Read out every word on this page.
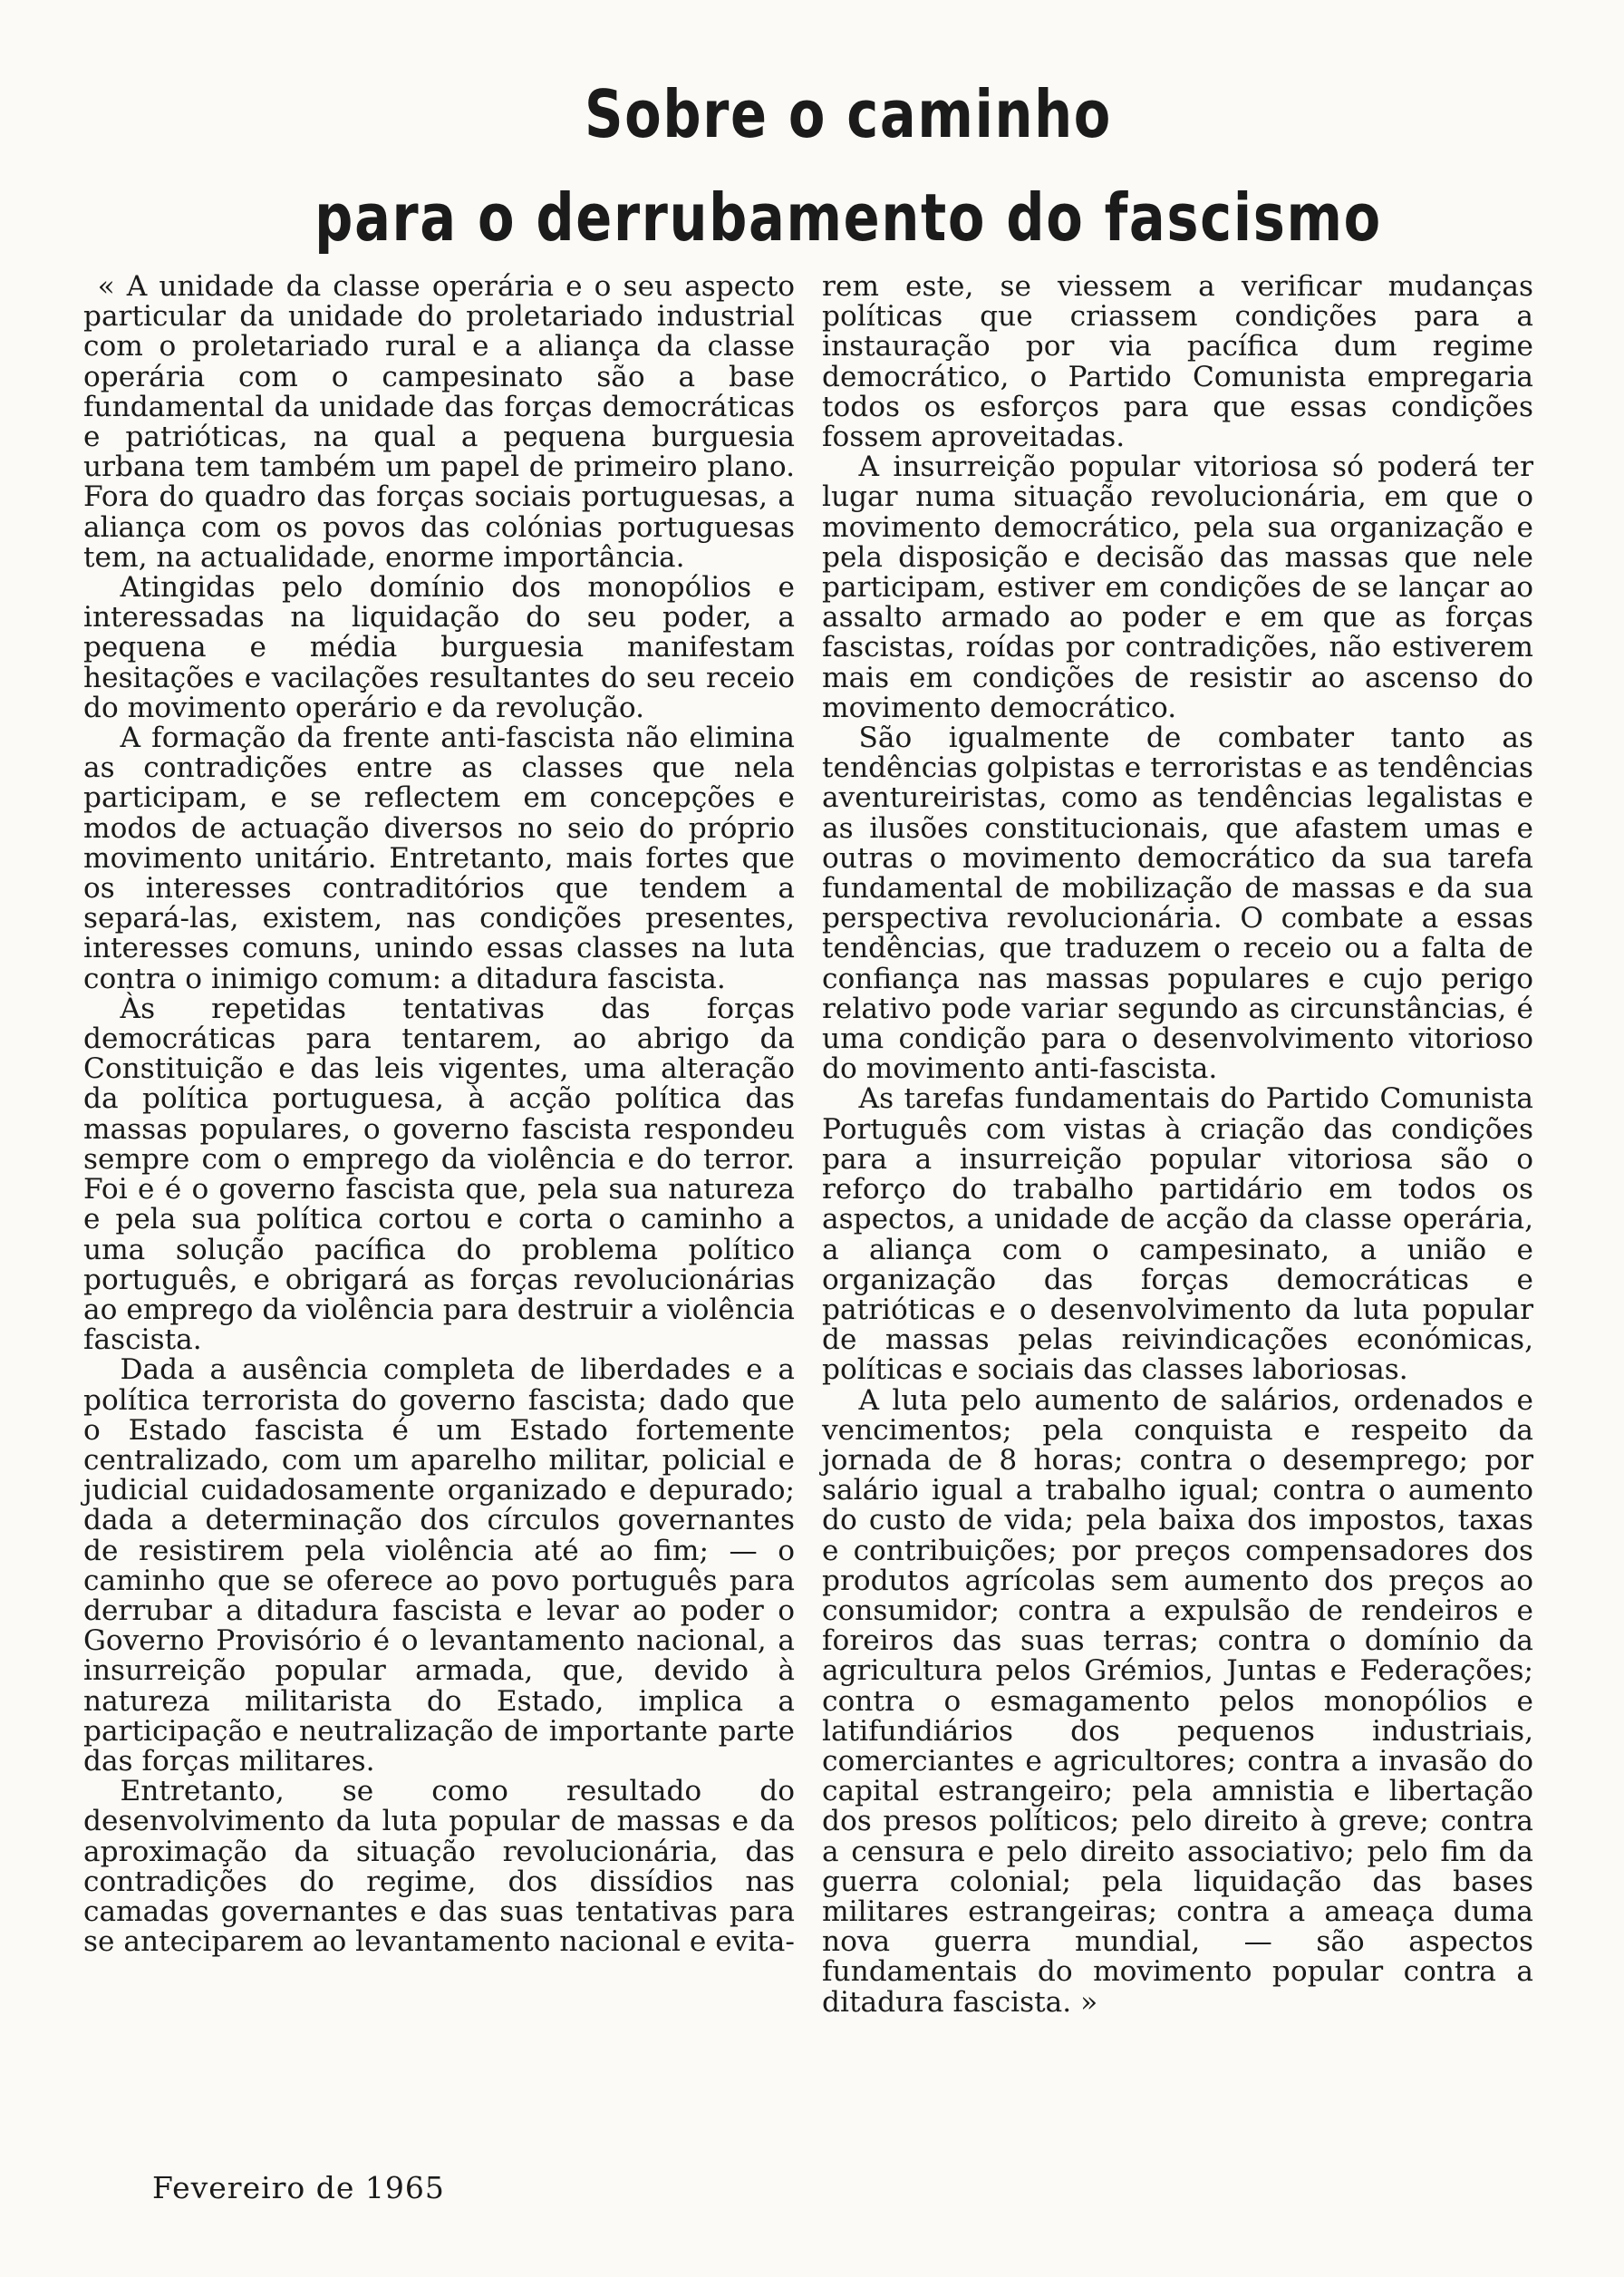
Sobre o caminho
para o derrubamento do fascismo

« A unidade da classe operária e o seu aspecto particular da unidade do proletariado industrial com o proletariado rural e a aliança da classe operária com o campesinato são a base fundamental da unidade das forças democráticas e patrióticas, na qual a pequena burguesia urbana tem também um papel de primeiro plano. Fora do quadro das forças sociais portuguesas, a aliança com os povos das colónias portuguesas tem, na actualidade, enorme importância.

Atingidas pelo domínio dos monopólios e interessadas na liquidação do seu poder, a pequena e média burguesia manifestam hesitações e vacilações resultantes do seu receio do movimento operário e da revolução.

A formação da frente anti-fascista não elimina as contradições entre as classes que nela participam, e se reflectem em concepções e modos de actuação diversos no seio do próprio movimento unitário. Entretanto, mais fortes que os interesses contraditórios que tendem a separá-las, existem, nas condições presentes, interesses comuns, unindo essas classes na luta contra o inimigo comum: a ditadura fascista.

Às repetidas tentativas das forças democráticas para tentarem, ao abrigo da Constituição e das leis vigentes, uma alteração da política portuguesa, à acção política das massas populares, o governo fascista respondeu sempre com o emprego da violência e do terror. Foi e é o governo fascista que, pela sua natureza e pela sua política cortou e corta o caminho a uma solução pacífica do problema político português, e obrigará as forças revolucionárias ao emprego da violência para destruir a violência fascista.

Dada a ausência completa de liberdades e a política terrorista do governo fascista; dado que o Estado fascista é um Estado fortemente centralizado, com um aparelho militar, policial e judicial cuidadosamente organizado e depurado; dada a determinação dos círculos governantes de resistirem pela violência até ao fim; — o caminho que se oferece ao povo português para derrubar a ditadura fascista e levar ao poder o Governo Provisório é o levantamento nacional, a insurreição popular armada, que, devido à natureza militarista do Estado, implica a participação e neutralização de importante parte das forças militares.

Entretanto, se como resultado do desenvolvimento da luta popular de massas e da aproximação da situação revolucionária, das contradições do regime, dos dissídios nas camadas governantes e das suas tentativas para se anteciparem ao levantamento nacional e evita-

rem este, se viessem a verificar mudanças políticas que criassem condições para a instauração por via pacífica dum regime democrático, o Partido Comunista empregaria todos os esforços para que essas condições fossem aproveitadas.

A insurreição popular vitoriosa só poderá ter lugar numa situação revolucionária, em que o movimento democrático, pela sua organização e pela disposição e decisão das massas que nele participam, estiver em condições de se lançar ao assalto armado ao poder e em que as forças fascistas, roídas por contradições, não estiverem mais em condições de resistir ao ascenso do movimento democrático.

São igualmente de combater tanto as tendências golpistas e terroristas e as tendências aventureiristas, como as tendências legalistas e as ilusões constitucionais, que afastem umas e outras o movimento democrático da sua tarefa fundamental de mobilização de massas e da sua perspectiva revolucionária. O combate a essas tendências, que traduzem o receio ou a falta de confiança nas massas populares e cujo perigo relativo pode variar segundo as circunstâncias, é uma condição para o desenvolvimento vitorioso do movimento anti-fascista.

As tarefas fundamentais do Partido Comunista Português com vistas à criação das condições para a insurreição popular vitoriosa são o reforço do trabalho partidário em todos os aspectos, a unidade de acção da classe operária, a aliança com o campesinato, a união e organização das forças democráticas e patrióticas e o desenvolvimento da luta popular de massas pelas reivindicações económicas, políticas e sociais das classes laboriosas.

A luta pelo aumento de salários, ordenados e vencimentos; pela conquista e respeito da jornada de 8 horas; contra o desemprego; por salário igual a trabalho igual; contra o aumento do custo de vida; pela baixa dos impostos, taxas e contribuições; por preços compensadores dos produtos agrícolas sem aumento dos preços ao consumidor; contra a expulsão de rendeiros e foreiros das suas terras; contra o domínio da agricultura pelos Grémios, Juntas e Federações; contra o esmagamento pelos monopólios e latifundiários dos pequenos industriais, comerciantes e agricultores; contra a invasão do capital estrangeiro; pela amnistia e libertação dos presos políticos; pelo direito à greve; contra a censura e pelo direito associativo; pelo fim da guerra colonial; pela liquidação das bases militares estrangeiras; contra a ameaça duma nova guerra mundial, — são aspectos fundamentais do movimento popular contra a ditadura fascista. »

Fevereiro de 1965
